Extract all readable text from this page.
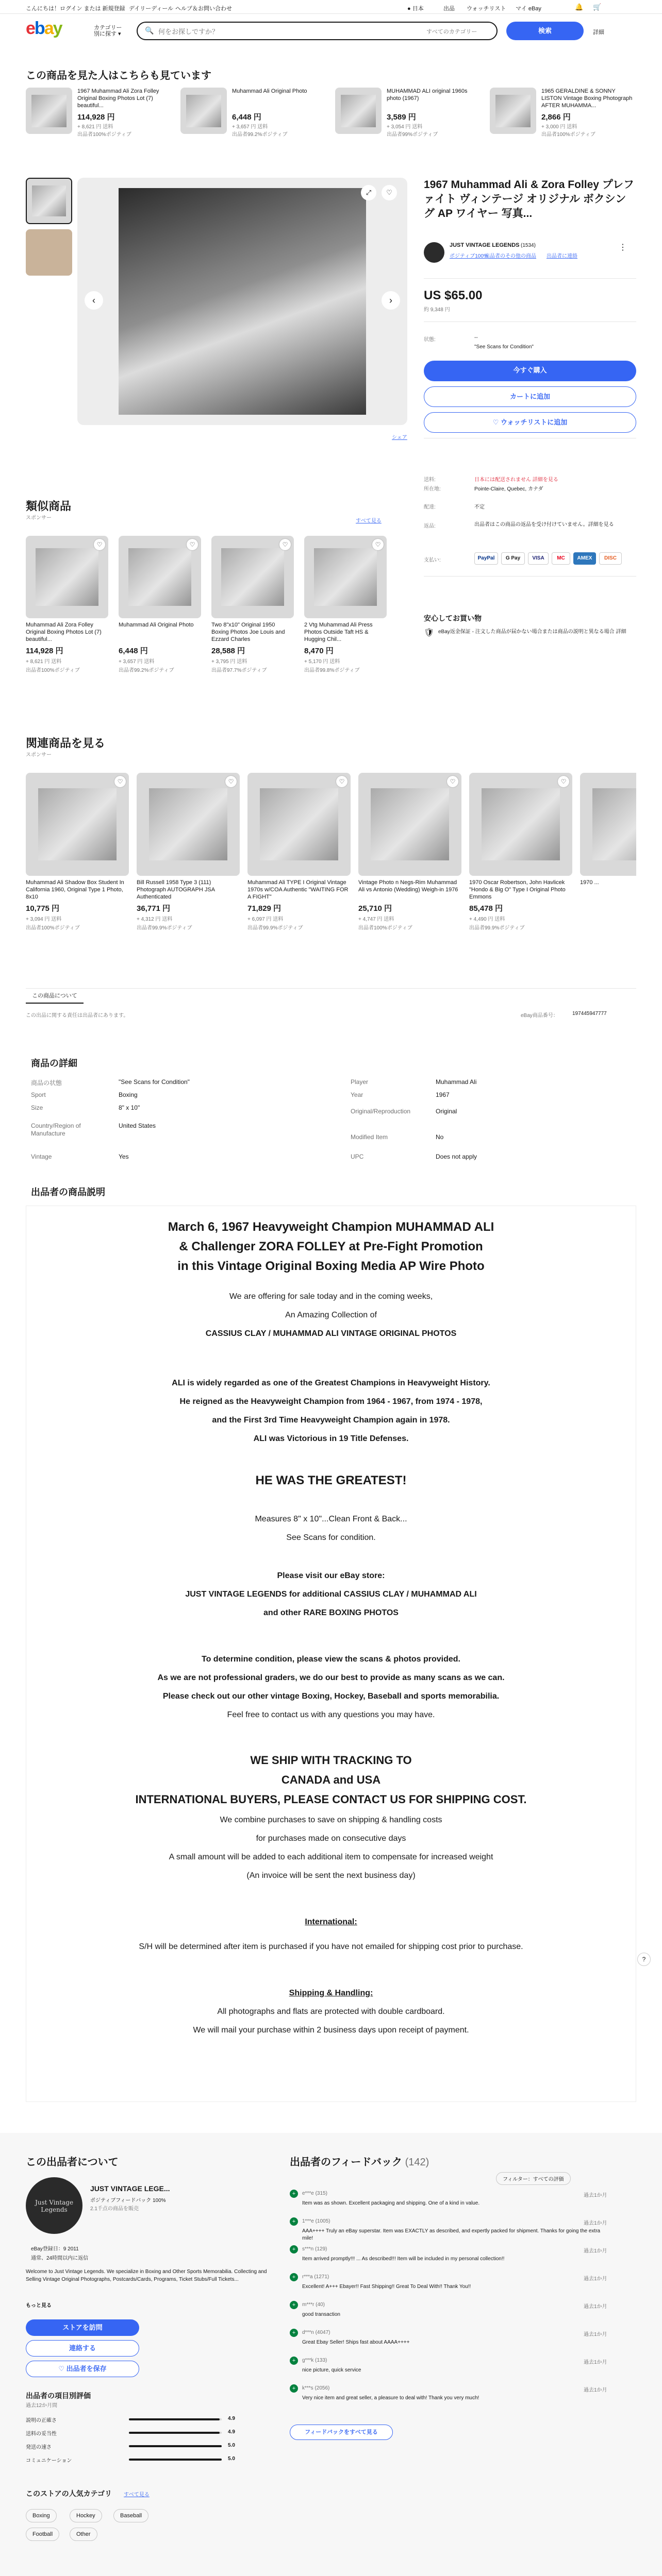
こんにちは！ログイン または 新規登録 デイリーディール ヘルプ＆お問い合わせ	● 日本	出品 ウォッチリスト マイ eBay	🔔 🛒
ebay	カテゴリー
別に探す ▾	🔍
何をお探しですか？	すべてのカテゴリー	検索	詳細
この商品を見た人はこちらも見ています
1967 Muhammad Ali Zora Folley Original Boxing Photos Lot (7) beautiful...
114,928 円
+ 8,621 円 送料
出品者100%ポジティブ
Muhammad Ali Original Photo
6,448 円
+ 3,657 円 送料
出品者99.2%ポジティブ
MUHAMMAD ALI original 1960s photo (1967)
3,589 円
+ 3,054 円 送料
出品者99%ポジティブ
1965 GERALDINE & SONNY LISTON Vintage Boxing Photograph AFTER MUHAMMA...
2,866 円
+ 3,000 円 送料
出品者100%ポジティブ
‹	›
⤢	♡
シェア
1967 Muhammad Ali & Zora Folley プレファイト ヴィンテージ オリジナル ボクシング AP ワイヤー 写真...
JUST VINTAGE LEGENDS (1534)
ポジティブ100%
出品者のその他の商品 出品者に連絡
⋮
US $65.00
約 9,348 円
状態:	--
"See Scans for Condition"
今すぐ購入
カートに追加
♡ ウォッチリストに追加
送料:	日本には配送されません 詳細を見る
Pointe-Claire, Quebec, カナダ
所在地:
配達:	不定
返品:	出品者はこの商品の返品を受け付けていません。詳細を見る
支払い:	PayPal	G Pay	VISA	MC	AMEX	DISC
安心してお買い物
🛡 eBay返金保証 - 注文した商品が届かない場合または商品の説明と異なる場合 詳細
類似商品
スポンサー
すべて見る
♡
Muhammad Ali Zora Folley Original Boxing Photos Lot (7) beautiful...
114,928 円
+ 8,621 円 送料
出品者100%ポジティブ
♡
Muhammad Ali Original Photo
6,448 円
+ 3,657 円 送料
出品者99.2%ポジティブ
♡
Two 8"x10" Original 1950 Boxing Photos Joe Louis and Ezzard Charles
28,588 円
+ 3,795 円 送料
出品者97.7%ポジティブ
♡
2 Vtg Muhammad Ali Press Photos Outside Taft HS & Hugging Chil...
8,470 円
+ 5,170 円 送料
出品者99.8%ポジティブ
関連商品を見る
スポンサー
♡
Muhammad Ali Shadow Box Student In California 1960, Original Type 1 Photo, 8x10
10,775 円
+ 3,094 円 送料
出品者100%ポジティブ
♡
Bill Russell 1958 Type 3 (111) Photograph AUTOGRAPH JSA Authenticated
36,771 円
+ 4,312 円 送料
出品者99.9%ポジティブ
♡
Muhammad Ali TYPE I Original Vintage 1970s w/COA Authentic "WAITING FOR A FIGHT"
71,829 円
+ 6,097 円 送料
出品者99.9%ポジティブ
♡
Vintage Photo n Negs-Rim Muhammad Ali vs Antonio (Wedding) Weigh-in 1976
25,710 円
+ 4,747 円 送料
出品者100%ポジティブ
♡
1970 Oscar Robertson, John Havlicek "Hondo & Big O" Type I Original Photo Emmons
85,478 円
+ 4,490 円 送料
出品者99.9%ポジティブ
1970 ...
この商品について
この出品に関する責任は出品者にあります。	eBay商品番号：	197445947777
商品の詳細
商品の状態	"See Scans for Condition"
Sport	Boxing
Size	8" x 10"
Country/Region of Manufacture
United States
Vintage	Yes
Player	Muhammad Ali
Year	1967
Original/Reproduction	Original
Modified Item	No
UPC	Does not apply
出品者の商品説明
March 6, 1967 Heavyweight Champion MUHAMMAD ALI
& Challenger ZORA FOLLEY at Pre-Fight Promotion
in this Vintage Original Boxing Media AP Wire Photo
We are offering for sale today and in the coming weeks,
An Amazing Collection of
CASSIUS CLAY / MUHAMMAD ALI VINTAGE ORIGINAL PHOTOS
ALI is widely regarded as one of the Greatest Champions in Heavyweight History.
He reigned as the Heavyweight Champion from 1964 - 1967, from 1974 - 1978,
and the First 3rd Time Heavyweight Champion again in 1978.
ALI was Victorious in 19 Title Defenses.
HE WAS THE GREATEST!
Measures 8" x 10"...Clean Front & Back...
See Scans for condition.
Please visit our eBay store:
JUST VINTAGE LEGENDS for additional CASSIUS CLAY / MUHAMMAD ALI
and other RARE BOXING PHOTOS
To determine condition, please view the scans & photos provided.
As we are not professional graders, we do our best to provide as many scans as we can.
Please check out our other vintage Boxing, Hockey, Baseball and sports memorabilia.
Feel free to contact us with any questions you may have.
WE SHIP WITH TRACKING TO
CANADA and USA
INTERNATIONAL BUYERS, PLEASE CONTACT US FOR SHIPPING COST.
We combine purchases to save on shipping & handling costs
for purchases made on consecutive days
A small amount will be added to each additional item to compensate for increased weight
(An invoice will be sent the next business day)
International:
S/H will be determined after item is purchased if you have not emailed for shipping cost prior to purchase.
Shipping & Handling:
All photographs and flats are protected with double cardboard.
We will mail your purchase within 2 business days upon receipt of payment.
?
この出品者について
Just Vintage
Legends
JUST VINTAGE LEGE...
ポジティブフィードバック 100%
2.1千点の商品を販売
eBay登録日：9 2011
通常、24時間以内に返信
Welcome to Just Vintage Legends. We specialize in Boxing and Other Sports Memorabilia. Collecting and Selling Vintage Original Photographs, Postcards/Cards, Programs, Ticket Stubs/Full Tickets...
もっと見る
ストアを訪問
連絡する
♡ 出品者を保存
出品者の項目別評価
過去12か月間
説明の正確さ	4.9
送料の妥当性	4.9
発送の速さ	5.0
コミュニケーション	5.0
このストアの人気カテゴリ すべて見る
Boxing	Hockey	Baseball
Football	Other
出品者のフィードバック (142)
フィルター：すべての評価
+	e***e (315)	過去1か月
Item was as shown. Excellent packaging and shipping. One of a kind in value.
+	1***e (1005)	過去1か月
AAA++++ Truly an eBay superstar. Item was EXACTLY as described, and expertly packed for shipment. Thanks for going the extra mile!
+	s***n (129)	過去1か月
Item arrived promptly!!! ... As described!!! Item will be included in my personal collection!!
+	r***a (1271)	過去1か月
Excellent! A+++ Ebayer!! Fast Shipping!! Great To Deal With!! Thank You!!
+	m***r (40)	過去1か月
good transaction
+	d***n (4047)	過去1か月
Great Ebay Seller! Ships fast about AAAA++++
+	g***k (133)	過去1か月
nice picture, quick service
+	k***s (2056)	過去1か月
Very nice item and great seller, a pleasure to deal with! Thank you very much!
フィードバックをすべて見る
